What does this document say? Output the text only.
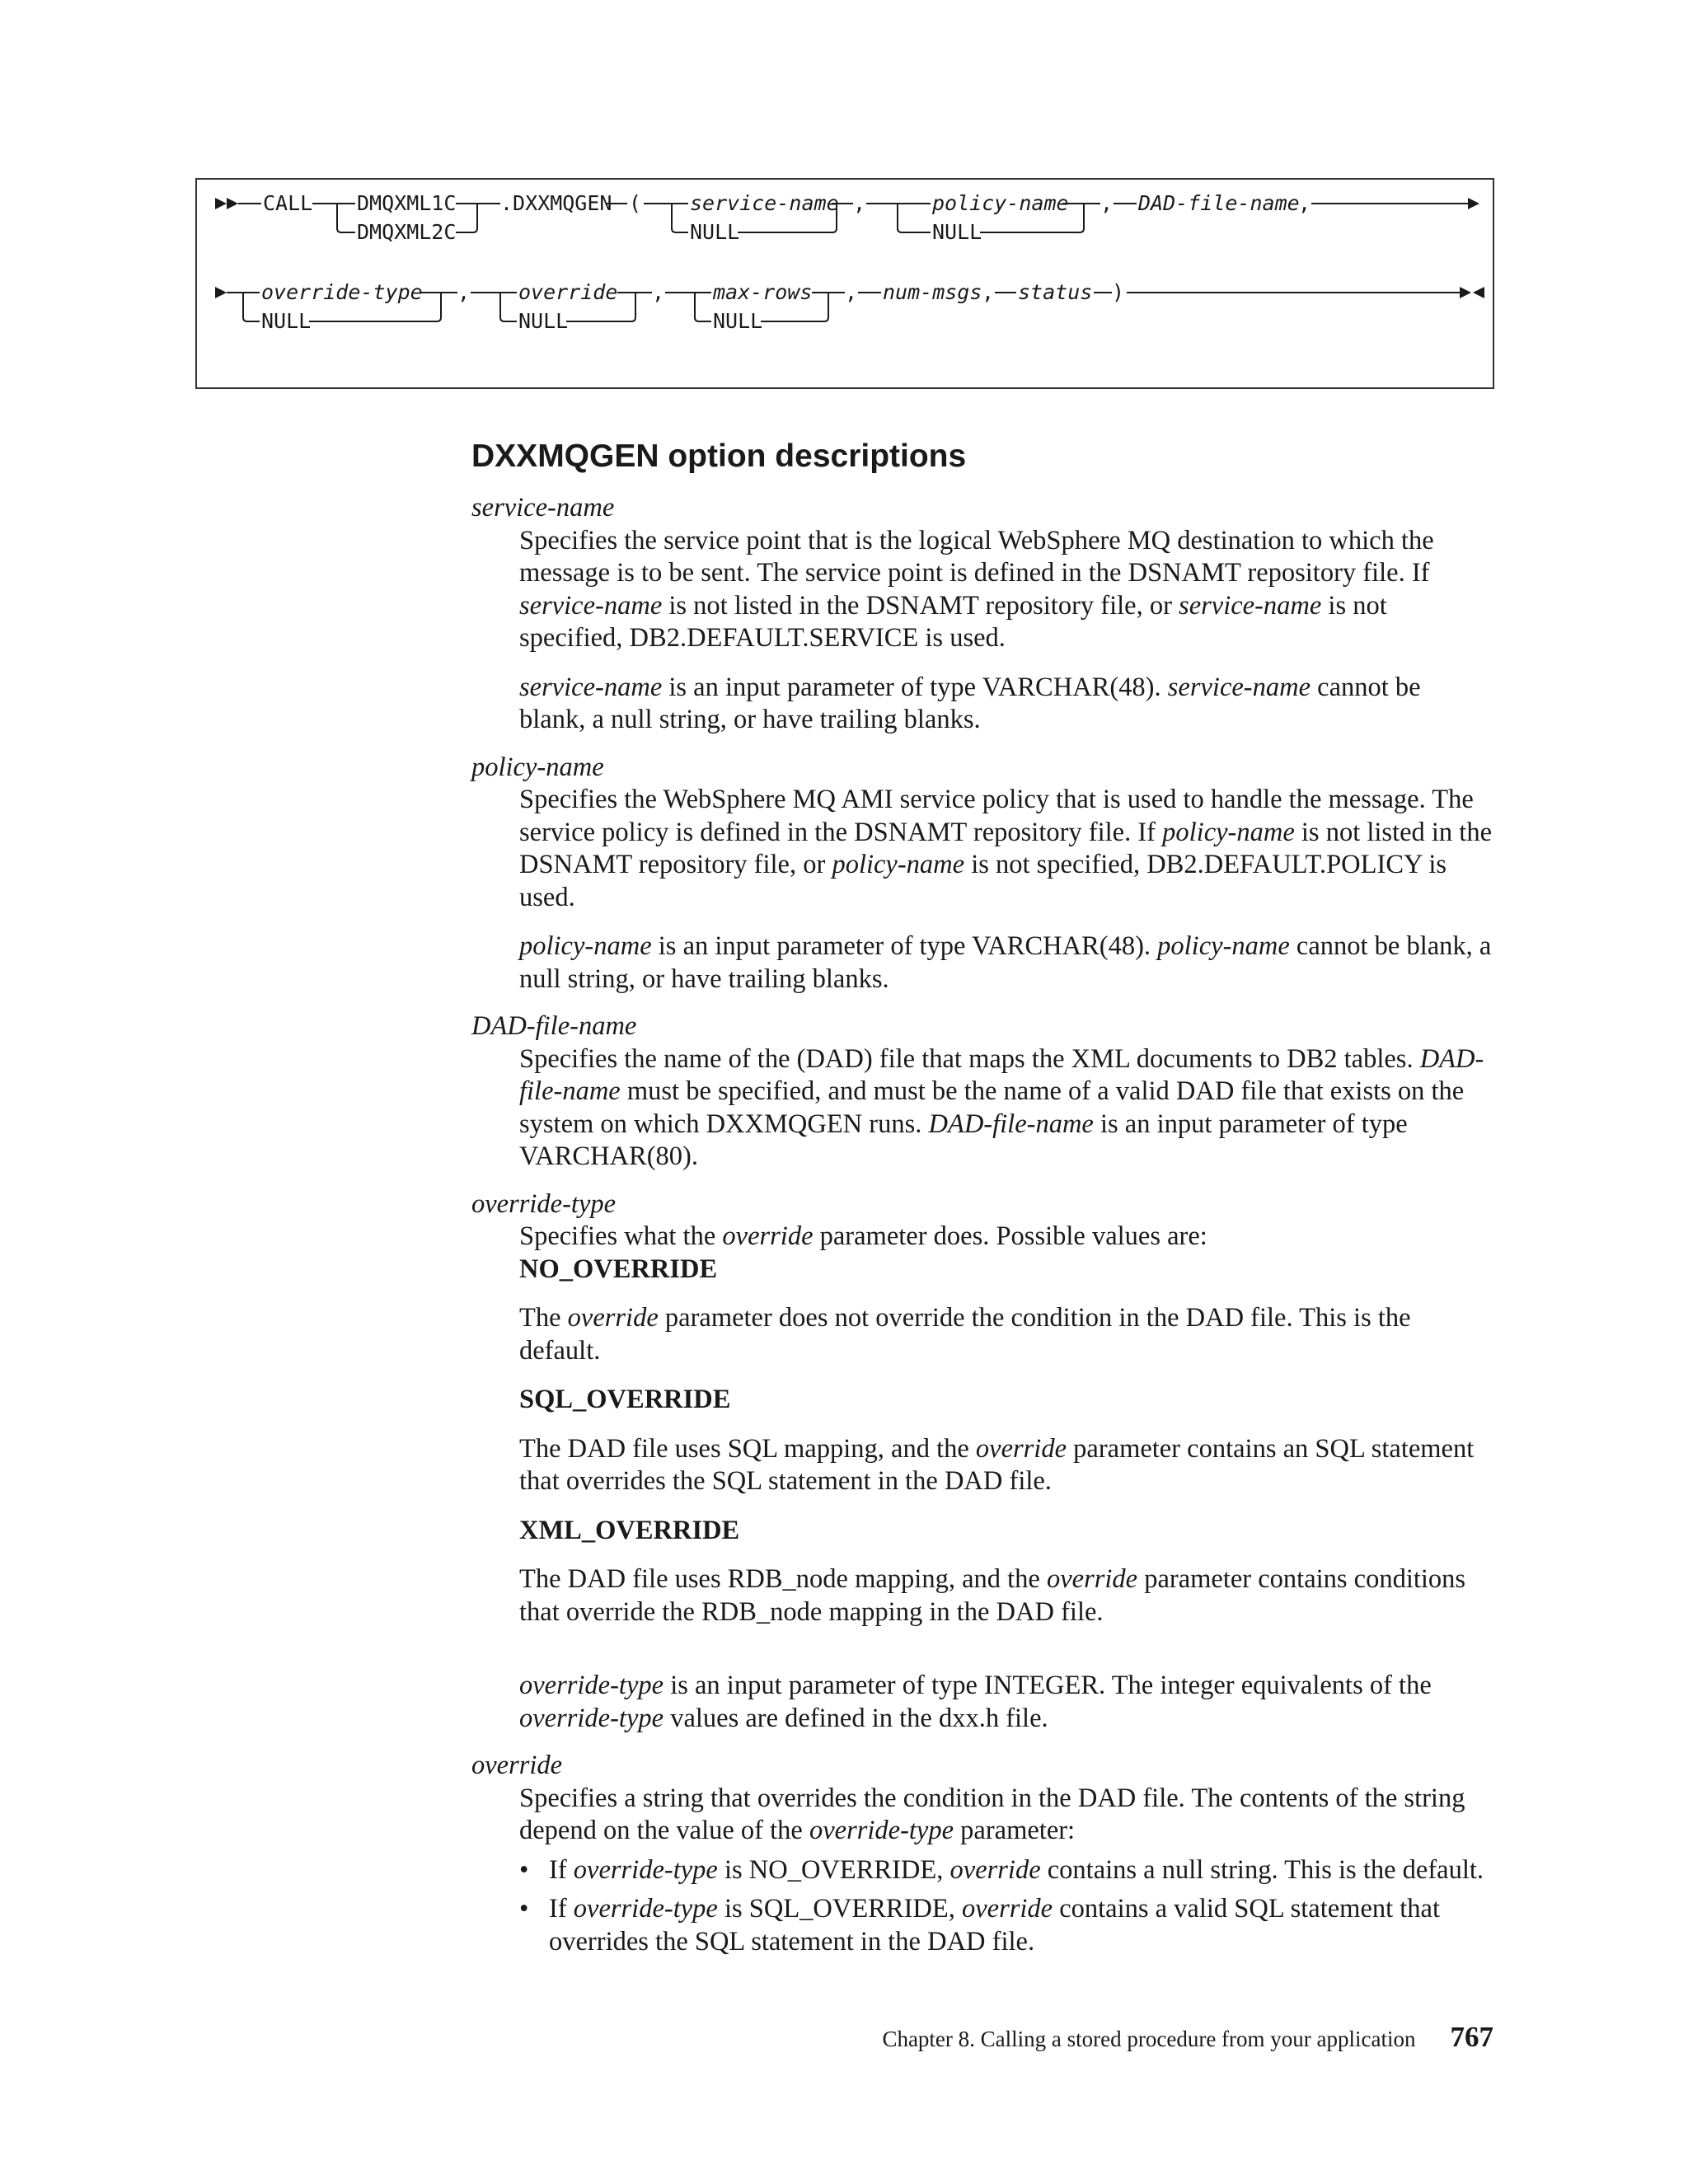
CALL DMQXML1C
DMQXML2C
.DXXMQGEN ( service-name
NULL
,	policy-name
NULL
, DAD-file-name
,
override-type
NULL
, override
NULL
, max-rows
NULL
, num-msgs , status )
DXXMQGEN option descriptions

service-name

Specifies the service point that is the logical WebSphere MQ destination to which the message is to be sent. The service point is defined in the DSNAMT repository file. If service-name is not listed in the DSNAMT repository file, or service-name is not specified, DB2.DEFAULT.SERVICE is used.

service-name is an input parameter of type VARCHAR(48). service-name cannot be blank, a null string, or have trailing blanks.

policy-name

Specifies the WebSphere MQ AMI service policy that is used to handle the message. The service policy is defined in the DSNAMT repository file. If policy-name is not listed in the DSNAMT repository file, or policy-name is not specified, DB2.DEFAULT.POLICY is used.

policy-name is an input parameter of type VARCHAR(48). policy-name cannot be blank, a null string, or have trailing blanks.

DAD-file-name

Specifies the name of the (DAD) file that maps the XML documents to DB2 tables. DAD-file-name must be specified, and must be the name of a valid DAD file that exists on the system on which DXXMQGEN runs. DAD-file-name is an input parameter of type VARCHAR(80).

override-type

Specifies what the override parameter does. Possible values are:

NO_OVERRIDE

The override parameter does not override the condition in the DAD file. This is the default.

SQL_OVERRIDE

The DAD file uses SQL mapping, and the override parameter contains an SQL statement that overrides the SQL statement in the DAD file.

XML_OVERRIDE

The DAD file uses RDB_node mapping, and the override parameter contains conditions that override the RDB_node mapping in the DAD file.

override-type is an input parameter of type INTEGER. The integer equivalents of the override-type values are defined in the dxx.h file.

override

Specifies a string that overrides the condition in the DAD file. The contents of the string depend on the value of the override-type parameter:

• If override-type is NO_OVERRIDE, override contains a null string. This is the default.
• If override-type is SQL_OVERRIDE, override contains a valid SQL statement that overrides the SQL statement in the DAD file.
Chapter 8. Calling a stored procedure from your application 767
